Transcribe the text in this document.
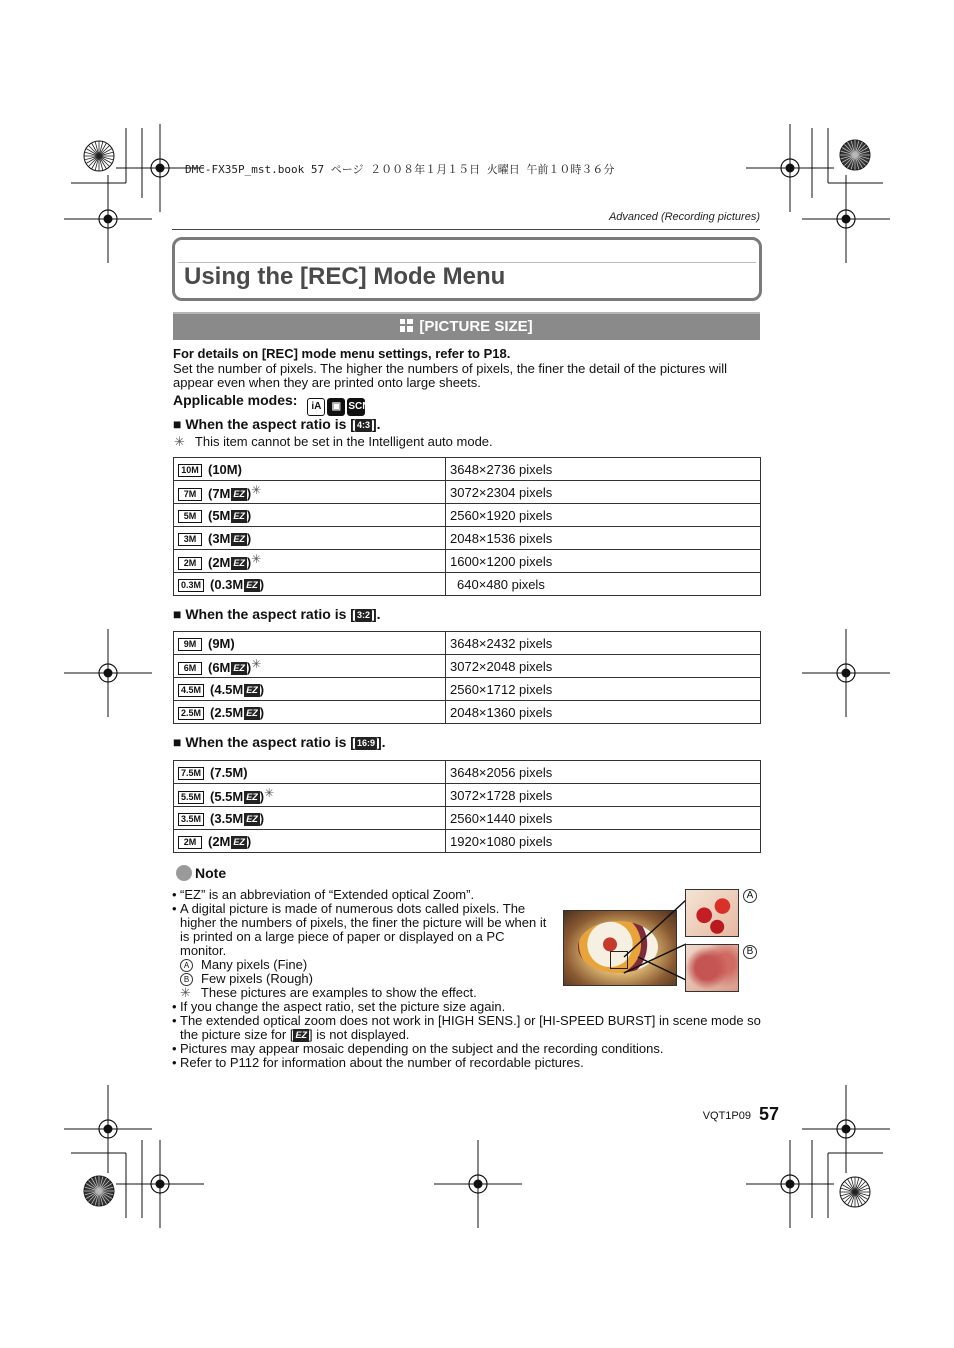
DMC-FX35P_mst.book 57 ページ ２００８年１月１５日 火曜日 午前１０時３６分
Advanced (Recording pictures)
Using the [REC] Mode Menu
[PICTURE SIZE]
For details on [REC] mode menu settings, refer to P18.
Set the number of pixels. The higher the numbers of pixels, the finer the detail of the pictures will appear even when they are printed onto large sheets.
Applicable modes: iA ▣ SCN
■ When the aspect ratio is [ 4:3 ].
✳ This item cannot be set in the Intelligent auto mode.
10M (10M)	3648×2736 pixels
7M (7M EZ )✳	3072×2304 pixels
5M (5M EZ )	2560×1920 pixels
3M (3M EZ )	2048×1536 pixels
2M (2M EZ )✳	1600×1200 pixels
0.3M (0.3M EZ )	640×480 pixels
■ When the aspect ratio is [ 3:2 ].
9M (9M)	3648×2432 pixels
6M (6M EZ )✳	3072×2048 pixels
4.5M (4.5M EZ )	2560×1712 pixels
2.5M (2.5M EZ )	2048×1360 pixels
■ When the aspect ratio is [ 16:9 ].
7.5M (7.5M)	3648×2056 pixels
5.5M (5.5M EZ )✳	3072×1728 pixels
3.5M (3.5M EZ )	2560×1440 pixels
2M (2M EZ )	1920×1080 pixels
Note
• “EZ” is an abbreviation of “Extended optical Zoom”.
• A digital picture is made of numerous dots called pixels. The higher the numbers of pixels, the finer the picture will be when it is printed on a large piece of paper or displayed on a PC monitor.
A Many pixels (Fine)
B Few pixels (Rough)
✳ These pictures are examples to show the effect.
• If you change the aspect ratio, set the picture size again.
• The extended optical zoom does not work in [HIGH SENS.] or [HI-SPEED BURST] in scene mode so the picture size for [ EZ ] is not displayed.
• Pictures may appear mosaic depending on the subject and the recording conditions.
• Refer to P112 for information about the number of recordable pictures.
A
B
VQT1P09 57
